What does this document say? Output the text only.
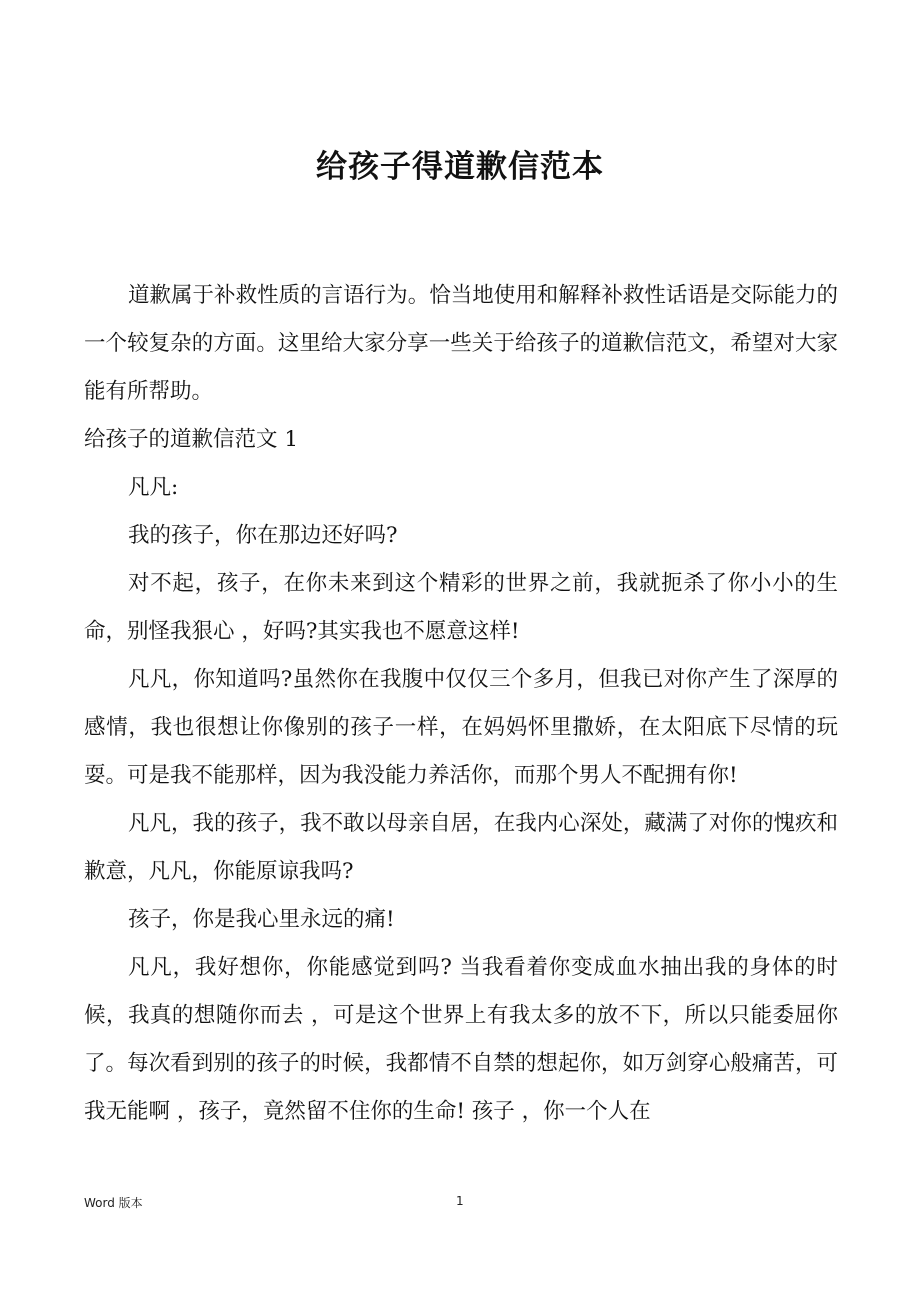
给孩子得道歉信范本

道歉属于补救性质的言语行为。恰当地使用和解释补救性话语是交际能力的一个较复杂的方面。这里给大家分享一些关于给孩子的道歉信范文，希望对大家能有所帮助。

给孩子的道歉信范文 1

凡凡:

我的孩子，你在那边还好吗?

对不起，孩子，在你未来到这个精彩的世界之前，我就扼杀了你小小的生命，别怪我狠心 ，好吗?其实我也不愿意这样!

凡凡，你知道吗?虽然你在我腹中仅仅三个多月，但我已对你产生了深厚的感情，我也很想让你像别的孩子一样，在妈妈怀里撒娇，在太阳底下尽情的玩耍。可是我不能那样，因为我没能力养活你，而那个男人不配拥有你!

凡凡，我的孩子，我不敢以母亲自居，在我内心深处，藏满了对你的愧疚和歉意，凡凡，你能原谅我吗?

孩子，你是我心里永远的痛!

凡凡，我好想你，你能感觉到吗? 当我看着你变成血水抽出我的身体的时候，我真的想随你而去 ，可是这个世界上有我太多的放不下，所以只能委屈你了。每次看到别的孩子的时候，我都情不自禁的想起你，如万剑穿心般痛苦，可我无能啊 ，孩子，竟然留不住你的生命! 孩子 ，你一个人在

Word 版本	1
